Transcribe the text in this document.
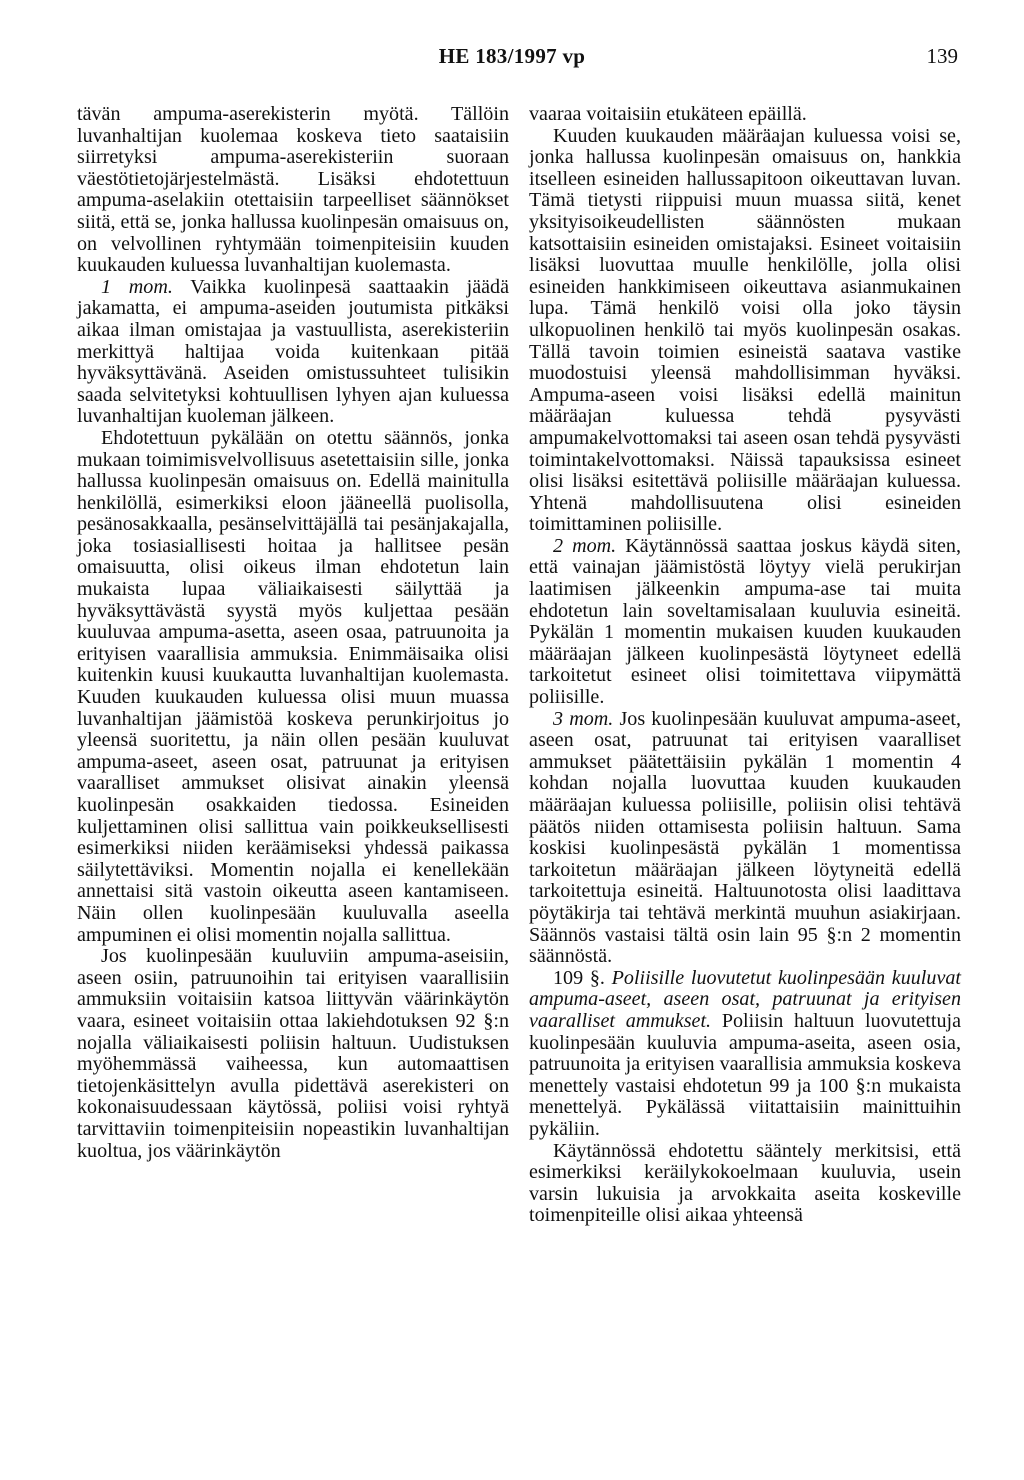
HE 183/1997 vp	139

tävän ampuma-aserekisterin myötä. Tällöin luvanhaltijan kuolemaa koskeva tieto saataisiin siirretyksi ampuma-aserekisteriin suoraan väestötietojärjestelmästä. Lisäksi ehdotettuun ampuma-aselakiin otettaisiin tarpeelliset säännökset siitä, että se, jonka hallussa kuolinpesän omaisuus on, on velvollinen ryhtymään toimenpiteisiin kuuden kuukauden kuluessa luvanhaltijan kuolemasta.

1 mom. Vaikka kuolinpesä saattaakin jäädä jakamatta, ei ampuma-aseiden joutumista pitkäksi aikaa ilman omistajaa ja vastuullista, aserekisteriin merkittyä haltijaa voida kuitenkaan pitää hyväksyttävänä. Aseiden omistussuhteet tulisikin saada selvitetyksi kohtuullisen lyhyen ajan kuluessa luvanhaltijan kuoleman jälkeen.

Ehdotettuun pykälään on otettu säännös, jonka mukaan toimimisvelvollisuus asetettaisiin sille, jonka hallussa kuolinpesän omaisuus on. Edellä mainitulla henkilöllä, esimerkiksi eloon jääneellä puolisolla, pesänosakkaalla, pesänselvittäjällä tai pesänjakajalla, joka tosiasiallisesti hoitaa ja hallitsee pesän omaisuutta, olisi oikeus ilman ehdotetun lain mukaista lupaa väliaikaisesti säilyttää ja hyväksyttävästä syystä myös kuljettaa pesään kuuluvaa ampuma-asetta, aseen osaa, patruunoita ja erityisen vaarallisia ammuksia. Enimmäisaika olisi kuitenkin kuusi kuukautta luvanhaltijan kuolemasta. Kuuden kuukauden kuluessa olisi muun muassa luvanhaltijan jäämistöä koskeva perunkirjoitus jo yleensä suoritettu, ja näin ollen pesään kuuluvat ampuma-aseet, aseen osat, patruunat ja erityisen vaaralliset ammukset olisivat ainakin yleensä kuolinpesän osakkaiden tiedossa. Esineiden kuljettaminen olisi sallittua vain poikkeuksellisesti esimerkiksi niiden keräämiseksi yhdessä paikassa säilytettäviksi. Momentin nojalla ei kenellekään annettaisi sitä vastoin oikeutta aseen kantamiseen. Näin ollen kuolinpesään kuuluvalla aseella ampuminen ei olisi momentin nojalla sallittua.

Jos kuolinpesään kuuluviin ampuma-aseisiin, aseen osiin, patruunoihin tai erityisen vaarallisiin ammuksiin voitaisiin katsoa liittyvän väärinkäytön vaara, esineet voitaisiin ottaa lakiehdotuksen 92 §:n nojalla väliaikaisesti poliisin haltuun. Uudistuksen myöhemmässä vaiheessa, kun automaattisen tietojenkäsittelyn avulla pidettävä aserekisteri on kokonaisuudessaan käytössä, poliisi voisi ryhtyä tarvittaviin toimenpiteisiin nopeastikin luvanhaltijan kuoltua, jos väärinkäytön

vaaraa voitaisiin etukäteen epäillä.

Kuuden kuukauden määräajan kuluessa voisi se, jonka hallussa kuolinpesän omaisuus on, hankkia itselleen esineiden hallussapitoon oikeuttavan luvan. Tämä tietysti riippuisi muun muassa siitä, kenet yksityisoikeudellisten säännösten mukaan katsottaisiin esineiden omistajaksi. Esineet voitaisiin lisäksi luovuttaa muulle henkilölle, jolla olisi esineiden hankkimiseen oikeuttava asianmukainen lupa. Tämä henkilö voisi olla joko täysin ulkopuolinen henkilö tai myös kuolinpesän osakas. Tällä tavoin toimien esineistä saatava vastike muodostuisi yleensä mahdollisimman hyväksi. Ampuma-aseen voisi lisäksi edellä mainitun määräajan kuluessa tehdä pysyvästi ampumakelvottomaksi tai aseen osan tehdä pysyvästi toimintakelvottomaksi. Näissä tapauksissa esineet olisi lisäksi esitettävä poliisille määräajan kuluessa. Yhtenä mahdollisuutena olisi esineiden toimittaminen poliisille.

2 mom. Käytännössä saattaa joskus käydä siten, että vainajan jäämistöstä löytyy vielä perukirjan laatimisen jälkeenkin ampuma-ase tai muita ehdotetun lain soveltamisalaan kuuluvia esineitä. Pykälän 1 momentin mukaisen kuuden kuukauden määräajan jälkeen kuolinpesästä löytyneet edellä tarkoitetut esineet olisi toimitettava viipymättä poliisille.

3 mom. Jos kuolinpesään kuuluvat ampuma-aseet, aseen osat, patruunat tai erityisen vaaralliset ammukset päätettäisiin pykälän 1 momentin 4 kohdan nojalla luovuttaa kuuden kuukauden määräajan kuluessa poliisille, poliisin olisi tehtävä päätös niiden ottamisesta poliisin haltuun. Sama koskisi kuolinpesästä pykälän 1 momentissa tarkoitetun määräajan jälkeen löytyneitä edellä tarkoitettuja esineitä. Haltuunotosta olisi laadittava pöytäkirja tai tehtävä merkintä muuhun asiakirjaan. Säännös vastaisi tältä osin lain 95 §:n 2 momentin säännöstä.

109 §. Poliisille luovutetut kuolinpesään kuuluvat ampuma-aseet, aseen osat, patruunat ja erityisen vaaralliset ammukset. Poliisin haltuun luovutettuja kuolinpesään kuuluvia ampuma-aseita, aseen osia, patruunoita ja erityisen vaarallisia ammuksia koskeva menettely vastaisi ehdotetun 99 ja 100 §:n mukaista menettelyä. Pykälässä viitattaisiin mainittuihin pykäliin.

Käytännössä ehdotettu sääntely merkitsisi, että esimerkiksi keräilykokoelmaan kuuluvia, usein varsin lukuisia ja arvokkaita aseita koskeville toimenpiteille olisi aikaa yhteensä
